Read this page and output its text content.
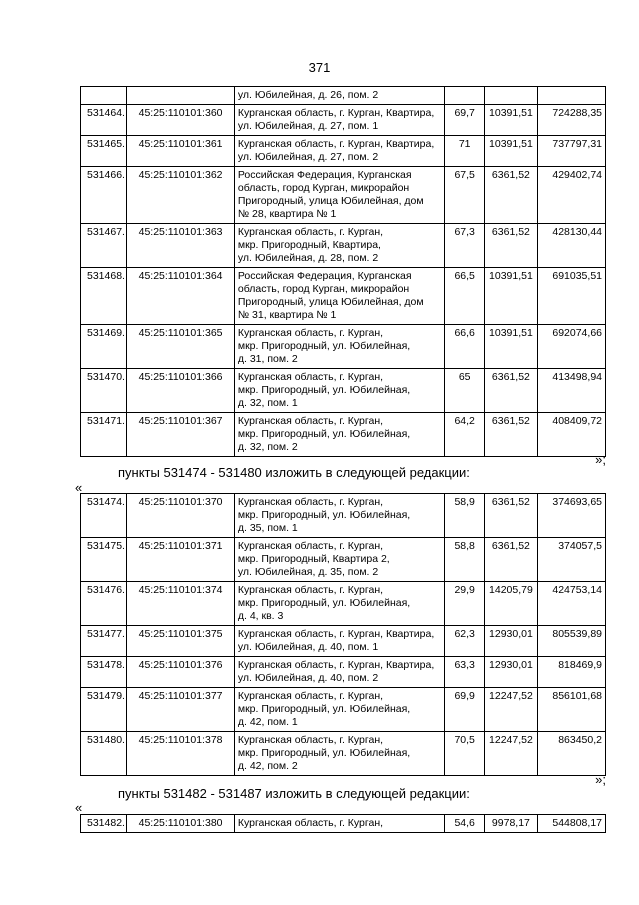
371

		ул. Юбилейная, д. 26, пом. 2			

531464.	45:25:110101:360	Курганская область, г. Курган, Квартира,
ул. Юбилейная, д. 27, пом. 1	69,7	10391,51	724288,35
531465.	45:25:110101:361	Курганская область, г. Курган, Квартира,
ул. Юбилейная, д. 27, пом. 2	71	10391,51	737797,31
531466.	45:25:110101:362	Российская Федерация, Курганская
область, город Курган, микрорайон
Пригородный, улица Юбилейная, дом
№ 28, квартира № 1	67,5	6361,52	429402,74
531467.	45:25:110101:363	Курганская область, г. Курган,
мкр. Пригородный, Квартира,
ул. Юбилейная, д. 28, пом. 2	67,3	6361,52	428130,44
531468.	45:25:110101:364	Российская Федерация, Курганская
область, город Курган, микрорайон
Пригородный, улица Юбилейная, дом
№ 31, квартира № 1	66,5	10391,51	691035,51
531469.	45:25:110101:365	Курганская область, г. Курган,
мкр. Пригородный, ул. Юбилейная,
д. 31, пом. 2	66,6	10391,51	692074,66
531470.	45:25:110101:366	Курганская область, г. Курган,
мкр. Пригородный, ул. Юбилейная,
д. 32, пом. 1	65	6361,52	413498,94
531471.	45:25:110101:367	Курганская область, г. Курган,
мкр. Пригородный, ул. Юбилейная,
д. 32, пом. 2	64,2	6361,52	408409,72
»;
пункты 531474 - 531480 изложить в следующей редакции:
«
531474.	45:25:110101:370	Курганская область, г. Курган,
мкр. Пригородный, ул. Юбилейная,
д. 35, пом. 1	58,9	6361,52	374693,65
531475.	45:25:110101:371	Курганская область, г. Курган,
мкр. Пригородный, Квартира 2,
ул. Юбилейная, д. 35, пом. 2	58,8	6361,52	374057,5
531476.	45:25:110101:374	Курганская область, г. Курган,
мкр. Пригородный, ул. Юбилейная,
д. 4, кв. 3	29,9	14205,79	424753,14
531477.	45:25:110101:375	Курганская область, г. Курган, Квартира,
ул. Юбилейная, д. 40, пом. 1	62,3	12930,01	805539,89
531478.	45:25:110101:376	Курганская область, г. Курган, Квартира,
ул. Юбилейная, д. 40, пом. 2	63,3	12930,01	818469,9
531479.	45:25:110101:377	Курганская область, г. Курган,
мкр. Пригородный, ул. Юбилейная,
д. 42, пом. 1	69,9	12247,52	856101,68
531480.	45:25:110101:378	Курганская область, г. Курган,
мкр. Пригородный, ул. Юбилейная,
д. 42, пом. 2	70,5	12247,52	863450,2
»;
пункты 531482 - 531487 изложить в следующей редакции:
«
531482.	45:25:110101:380	Курганская область, г. Курган,	54,6	9978,17	544808,17
